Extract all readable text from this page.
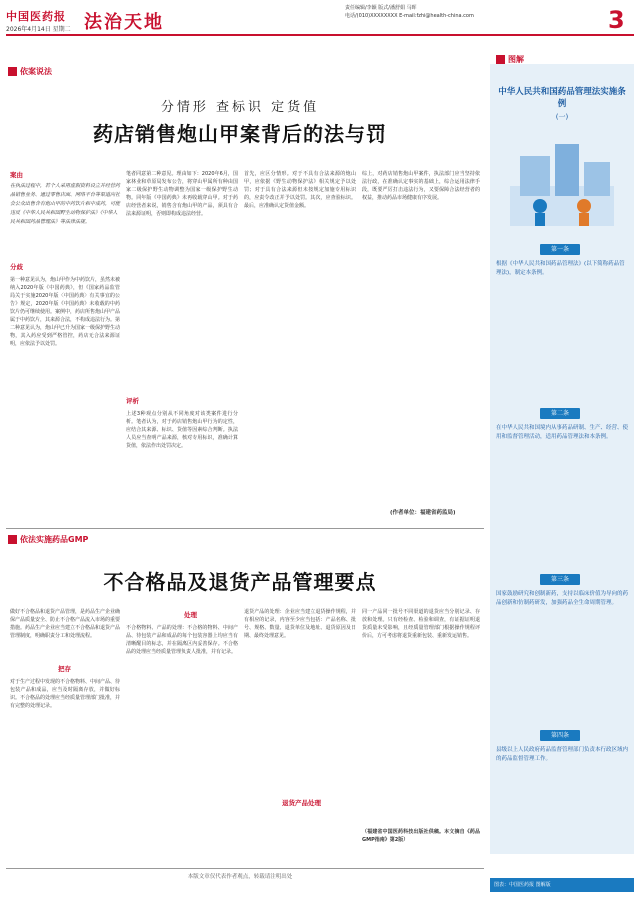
中国医药报
2026年4月14日 星期二 法治天地
责任编辑/李颖 版式/潘舒娟 马晖
电话/(010)XXXXXXXX E-mail:fzhi@health-china.com	3
依案说法
分情形 查标识 定货值
药店销售炮山甲案背后的法与罚
案由
在执法过程中，若个人采用虚假资料设立并经营药品销售业务、通过零售店面、网络平台等渠道向社会公众出售含有炮山甲的中药饮片和中成药，可能违反《中华人民共和国野生动物保护法》《中华人民共和国药品管理法》等法律法规。
分歧
第一种意见认为，炮山甲作为中药饮片，虽然未被纳入2020年版《中国药典》，但《国家药品监管局关于实施2020年版〈中国药典〉有关事宜的公告》规定，2020年版《中国药典》未收载的中药饮片仍可继续使用。案例中，药店所售炮山甲产品属于中药饮片，其来源合法，不构成违法行为。第二种意见认为，炮山甲已升为国家一级保护野生动物，其入药应受到严格管控，药店无合法来源证明，应依法予以处罚。
笔者同意第二种意见。理由如下：2020年6月，国家林业和草原局发布公告，将穿山甲属所有种由国家二级保护野生动物调整为国家一级保护野生动物。同年版《中国药典》未再收载穿山甲。对于药店经营者来说，销售含有炮山甲的产品，须具有合法来源证明，否则即构成违法经营。
评析
上述3种观点分别从不同角度对该类案件进行分析。笔者认为，对于药店销售炮山甲行为的定性，应结合其来源、标识、货值等因素综合判断。执法人员应当查明产品来源，核对专用标识，准确计算货值，依法作出处罚决定。
首先，应区分情形。对于不具有合法来源的炮山甲，应依据《野生动物保护法》相关规定予以处罚；对于具有合法来源但未按规定加施专用标识的，应责令改正并予以处罚。其次，应查验标识。最后，应准确认定货值金额。
综上，对药店销售炮山甲案件，执法部门应当坚持依法行政，在准确认定事实的基础上，综合运用法律手段，既要严厉打击违法行为，又要保障合法经营者的权益，推动药品市场健康有序发展。
(作者单位：福建省药监局)
依法实施药品GMP
不合格品及退货产品管理要点
做好不合格品和退货产品管理，是药品生产企业确保产品质量安全、防止不合格产品流入市场的重要措施。药品生产企业应当建立不合格品和退货产品管理制度，明确职责分工和处理流程。
把存
对于生产过程中发现的不合格物料、中间产品、待包装产品和成品，应当及时隔离存放，并做好标识。不合格品的处理应当经质量管理部门批准，并有完整的处理记录。
处理
不合格物料、产品的处理：不合格的物料、中间产品、待包装产品和成品的每个包装容器上均应当有清晰醒目的标志，并在隔离区内妥善保存。不合格品的处理应当经质量管理负责人批准，并有记录。
退货产品的处理：企业应当建立退货操作规程，并有相应的记录，内容至少应当包括：产品名称、批号、规格、数量、退货单位及地址、退货原因及日期、最终处理意见。
退货产品处理
同一产品同一批号不同渠道的退货应当分别记录、存放和处理。只有经检查、检验和调查，有证据证明退货质量未受影响，且经质量管理部门根据操作规程评价后，方可考虑将退货重新包装、重新发运销售。
（福建省中国医药科技出版社供稿。本文摘自《药品GMP指南》第2版）
本版文章仅代表作者观点，转载请注明出处
图解
中华人民共和国药品管理法实施条例
(一)
第一条
根据《中华人民共和国药品管理法》(以下简称药品管理法)，制定本条例。
第二条
在中华人民共和国境内从事药品研制、生产、经营、使用和监督管理活动，适用药品管理法和本条例。
第三条
国家鼓励研究和创制新药，支持以临床价值为导向的药品创新和仿制药研发，加强药品全生命周期管理。
第四条
县级以上人民政府药品监督管理部门负责本行政区域内的药品监督管理工作。
图表：中国医药报 图解版
